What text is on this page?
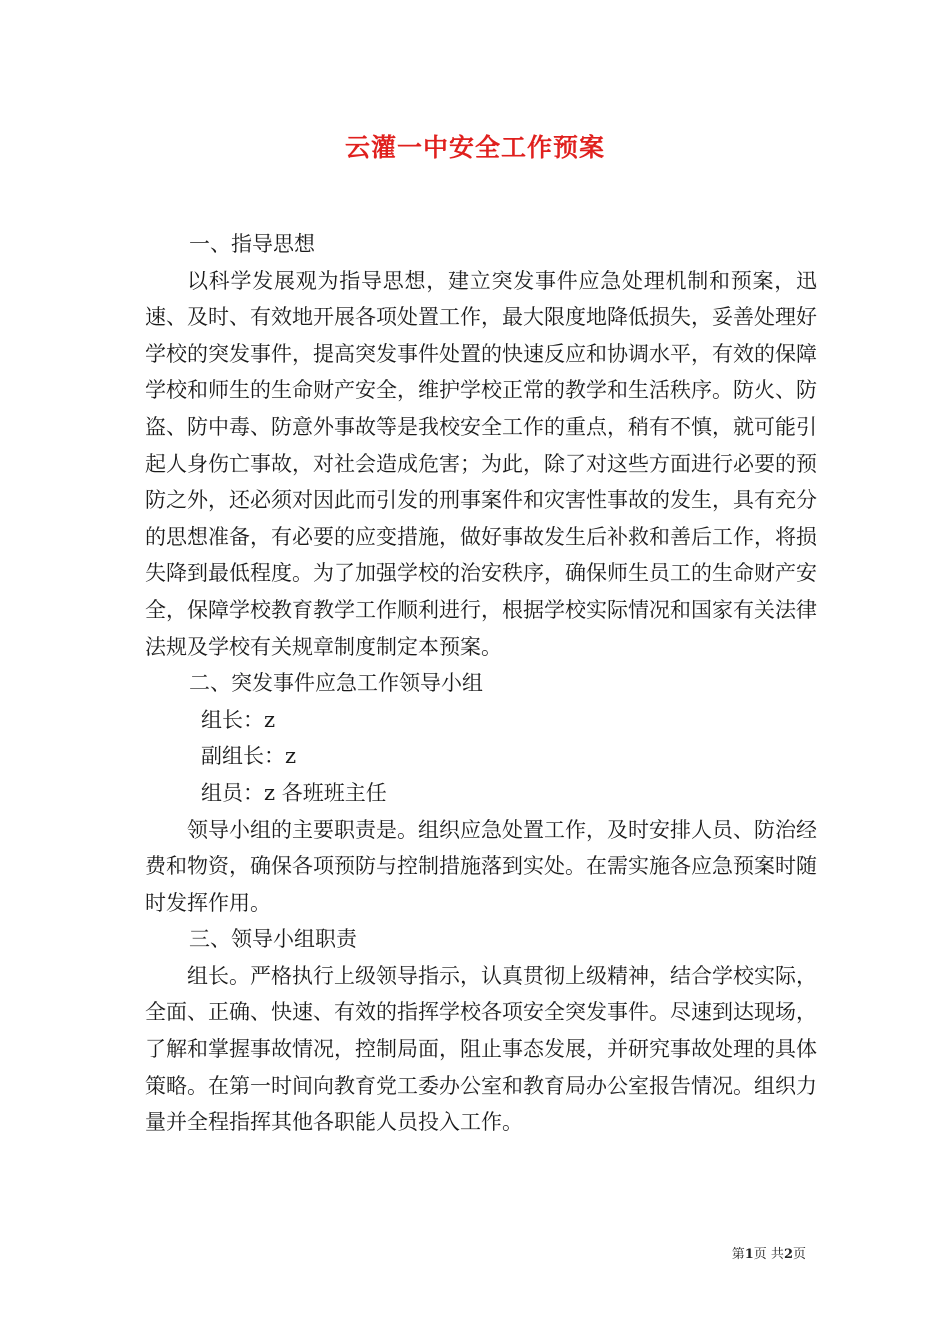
云灌一中安全工作预案

一、指导思想

以科学发展观为指导思想，建立突发事件应急处理机制和预案，迅速、及时、有效地开展各项处置工作，最大限度地降低损失，妥善处理好学校的突发事件，提高突发事件处置的快速反应和协调水平，有效的保障学校和师生的生命财产安全，维护学校正常的教学和生活秩序。防火、防盗、防中毒、防意外事故等是我校安全工作的重点，稍有不慎，就可能引起人身伤亡事故，对社会造成危害；为此，除了对这些方面进行必要的预防之外，还必须对因此而引发的刑事案件和灾害性事故的发生，具有充分的思想准备，有必要的应变措施，做好事故发生后补救和善后工作，将损失降到最低程度。为了加强学校的治安秩序，确保师生员工的生命财产安全，保障学校教育教学工作顺利进行，根据学校实际情况和国家有关法律法规及学校有关规章制度制定本预案。

二、突发事件应急工作领导小组

组长：z

副组长：z

组员：z 各班班主任

领导小组的主要职责是。组织应急处置工作，及时安排人员、防治经费和物资，确保各项预防与控制措施落到实处。在需实施各应急预案时随时发挥作用。

三、领导小组职责

组长。严格执行上级领导指示，认真贯彻上级精神，结合学校实际，全面、正确、快速、有效的指挥学校各项安全突发事件。尽速到达现场，了解和掌握事故情况，控制局面，阻止事态发展，并研究事故处理的具体策略。在第一时间向教育党工委办公室和教育局办公室报告情况。组织力量并全程指挥其他各职能人员投入工作。

第1页 共2页
